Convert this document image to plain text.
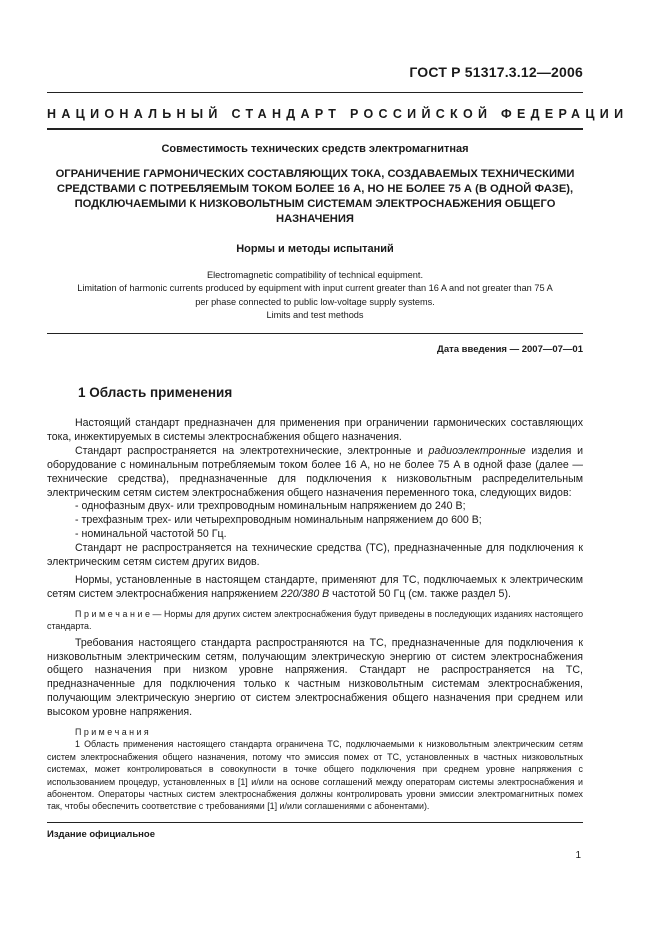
ГОСТ Р 51317.3.12—2006
НАЦИОНАЛЬНЫЙ СТАНДАРТ РОССИЙСКОЙ ФЕДЕРАЦИИ
Совместимость технических средств электромагнитная
ОГРАНИЧЕНИЕ ГАРМОНИЧЕСКИХ СОСТАВЛЯЮЩИХ ТОКА, СОЗДАВАЕМЫХ ТЕХНИЧЕСКИМИ
СРЕДСТВАМИ С ПОТРЕБЛЯЕМЫМ ТОКОМ БОЛЕЕ 16 А, НО НЕ БОЛЕЕ 75 А (В ОДНОЙ ФАЗЕ),
ПОДКЛЮЧАЕМЫМИ К НИЗКОВОЛЬТНЫМ СИСТЕМАМ ЭЛЕКТРОСНАБЖЕНИЯ ОБЩЕГО
НАЗНАЧЕНИЯ
Нормы и методы испытаний
Electromagnetic compatibility of technical equipment.
Limitation of harmonic currents produced by equipment with input current greater than 16 A and not greater than 75 A
per phase connected to public low-voltage supply systems.
Limits and test methods
Дата введения — 2007—07—01
1 Область применения

Настоящий стандарт предназначен для применения при ограничении гармонических составляющих тока, инжектируемых в системы электроснабжения общего назначения.

Стандарт распространяется на электротехнические, электронные и радиоэлектронные изделия и оборудование с номинальным потребляемым током более 16 А, но не более 75 А в одной фазе (далее — технические средства), предназначенные для подключения к низковольтным распределительным электрическим сетям систем электроснабжения общего назначения переменного тока, следующих видов:

- однофазным двух- или трехпроводным номинальным напряжением до 240 В;

- трехфазным трех- или четырехпроводным номинальным напряжением до 600 В;

- номинальной частотой 50 Гц.

Стандарт не распространяется на технические средства (ТС), предназначенные для подключения к электрическим сетям систем других видов.

Нормы, установленные в настоящем стандарте, применяют для ТС, подключаемых к электрическим сетям систем электроснабжения напряжением 220/380 В частотой 50 Гц (см. также раздел 5).

П р и м е ч а н и е — Нормы для других систем электроснабжения будут приведены в последующих изданиях настоящего стандарта.

Требования настоящего стандарта распространяются на ТС, предназначенные для подключения к низковольтным электрическим сетям, получающим электрическую энергию от систем электроснабжения общего назначения при низком уровне напряжения. Стандарт не распространяется на ТС, предназначенные для подключения только к частным низковольтным системам электроснабжения, получающим электрическую энергию от систем электроснабжения общего назначения при среднем или высоком уровне напряжения.

П р и м е ч а н и я

1 Область применения настоящего стандарта ограничена ТС, подключаемыми к низковольтным электрическим сетям систем электроснабжения общего назначения, потому что эмиссия помех от ТС, установленных в частных низковольтных системах, может контролироваться в совокупности в точке общего подключения при среднем уровне напряжения с использованием процедур, установленных в [1] и/или на основе соглашений между операторам системы электроснабжения и абонентом. Операторы частных систем электроснабжения должны контролировать уровни эмиссии электромагнитных помех так, чтобы обеспечить соответствие с требованиями [1] и/или соглашениями с абонентами).

Издание официальное
1
